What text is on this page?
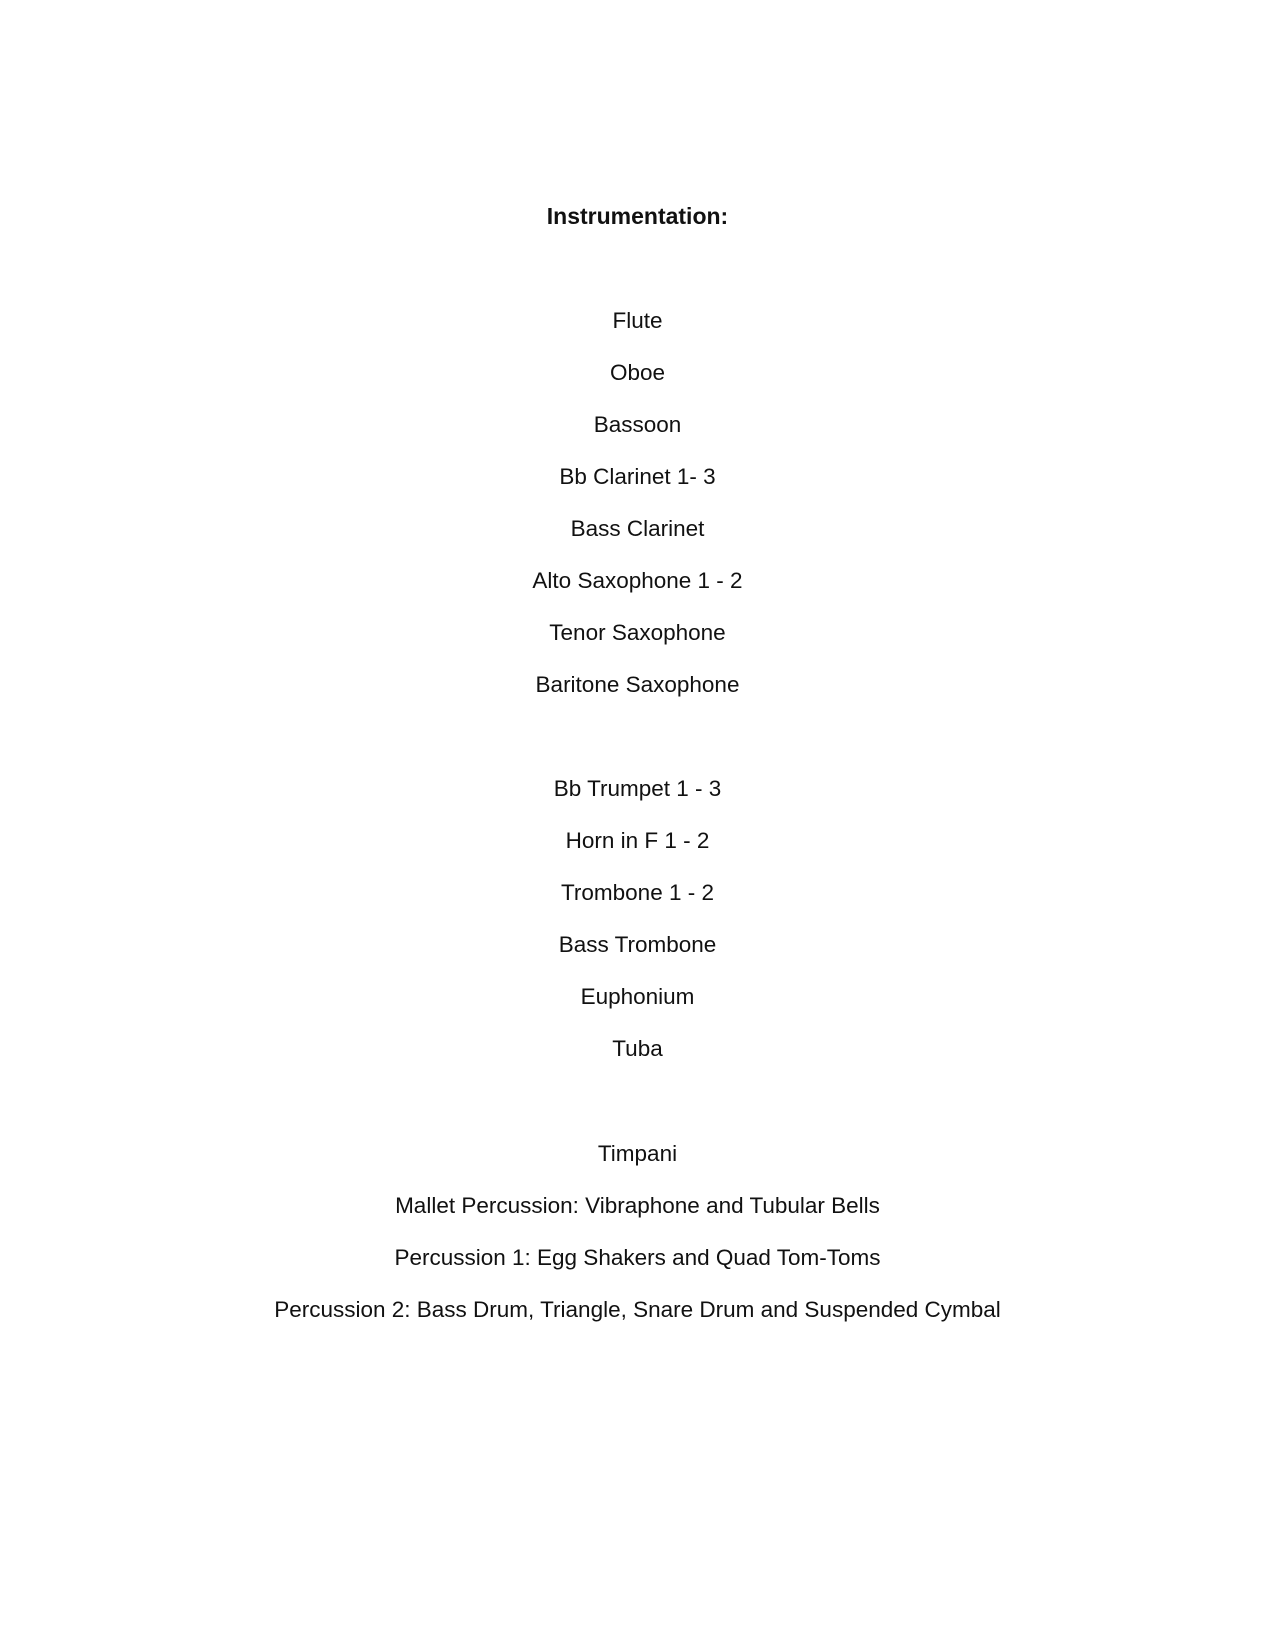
Instrumentation:
Flute
Oboe
Bassoon
Bb Clarinet 1- 3
Bass Clarinet
Alto Saxophone 1 - 2
Tenor Saxophone
Baritone Saxophone
Bb Trumpet 1 - 3
Horn in F 1 - 2
Trombone 1 - 2
Bass Trombone
Euphonium
Tuba
Timpani
Mallet Percussion: Vibraphone and Tubular Bells
Percussion 1: Egg Shakers and Quad Tom-Toms
Percussion 2: Bass Drum, Triangle, Snare Drum and Suspended Cymbal
